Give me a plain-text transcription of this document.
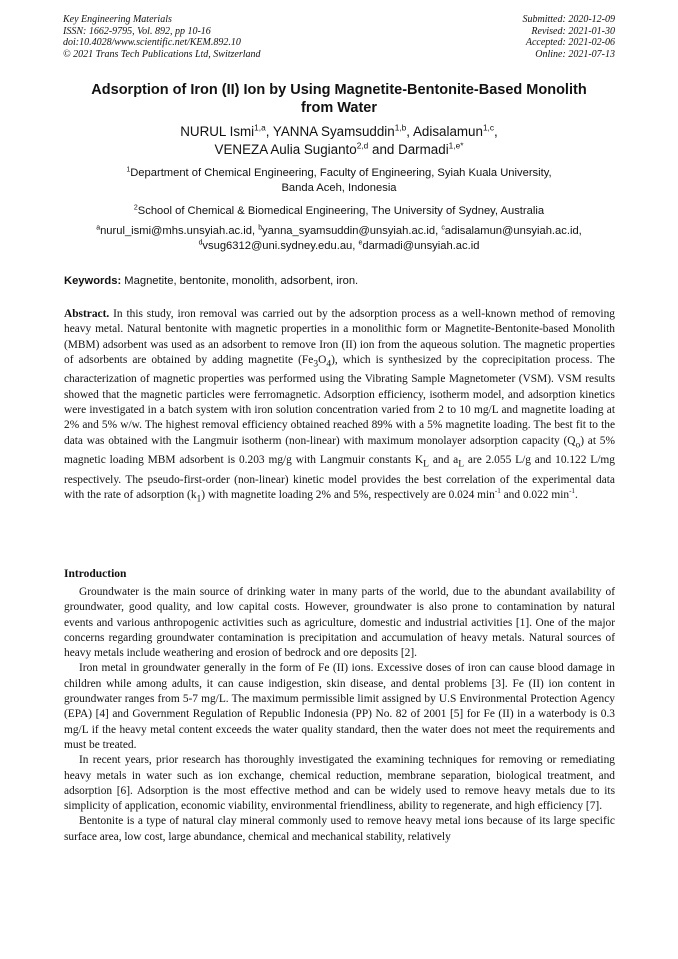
Key Engineering Materials
ISSN: 1662-9795, Vol. 892, pp 10-16
doi:10.4028/www.scientific.net/KEM.892.10
© 2021 Trans Tech Publications Ltd, Switzerland
Submitted: 2020-12-09
Revised: 2021-01-30
Accepted: 2021-02-06
Online: 2021-07-13
Adsorption of Iron (II) Ion by Using Magnetite-Bentonite-Based Monolith
from Water
NURUL Ismi$^{1,a}$, YANNA Syamsuddin$^{1,b}$, Adisalamun$^{1,c}$,
VENEZA Aulia Sugianto$^{2,d}$ and Darmadi$^{1,e*}$
$^1$Department of Chemical Engineering, Faculty of Engineering, Syiah Kuala University,
Banda Aceh, Indonesia
$^2$School of Chemical & Biomedical Engineering, The University of Sydney, Australia
$^a$nurul_ismi@mhs.unsyiah.ac.id, $^b$yanna_syamsuddin@unsyiah.ac.id, $^c$adisalamun@unsyiah.ac.id,
$^d$vsug6312@uni.sydney.edu.au, $^e$darmadi@unsyiah.ac.id
Keywords: Magnetite, bentonite, monolith, adsorbent, iron.

Abstract. In this study, iron removal was carried out by the adsorption process as a well-known method of removing heavy metal. Natural bentonite with magnetic properties in a monolithic form or Magnetite-Bentonite-based Monolith (MBM) adsorbent was used as an adsorbent to remove Iron (II) ion from the aqueous solution. The magnetic properties of adsorbents are obtained by adding magnetite $(Fe_3O_4)$, which is synthesized by the coprecipitation process. The characterization of magnetic properties was performed using the Vibrating Sample Magnetometer (VSM). VSM results showed that the magnetic particles were ferromagnetic. Adsorption efficiency, isotherm model, and adsorption kinetics were investigated in a batch system with iron solution concentration varied from 2 to 10 mg/L and magnetite loading at 2% and 5% w/w. The highest removal efficiency obtained reached 89% with a 5% magnetite loading. The best fit to the data was obtained with the Langmuir isotherm (non-linear) with maximum monolayer adsorption capacity $(Q_o)$ at 5% magnetic loading MBM adsorbent is 0.203 mg/g with Langmuir constants $K_L$ and $a_L$ are 2.055 L/g and 10.122 L/mg respectively. The pseudo-first-order (non-linear) kinetic model provides the best correlation of the experimental data with the rate of adsorption $(k_1)$ with magnetite loading 2% and 5%, respectively are 0.024 $\min^{-1}$ and 0.022 $\min^{-1}$.

Introduction

Groundwater is the main source of drinking water in many parts of the world, due to the abundant availability of groundwater, good quality, and low capital costs. However, groundwater is also prone to contamination by natural events and various anthropogenic activities such as agriculture, domestic and industrial activities [1]. One of the major concerns regarding groundwater contamination is precipitation and accumulation of heavy metals. Natural sources of heavy metals include weathering and erosion of bedrock and ore deposits [2].

Iron metal in groundwater generally in the form of Fe (II) ions. Excessive doses of iron can cause blood damage in children while among adults, it can cause indigestion, skin disease, and dental problems [3]. Fe (II) ion content in groundwater ranges from 5-7 mg/L. The maximum permissible limit assigned by U.S Environmental Protection Agency (EPA) [4] and Government Regulation of Republic Indonesia (PP) No. 82 of 2001 [5] for Fe (II) in a waterbody is 0.3 mg/L if the heavy metal content exceeds the water quality standard, then the water does not meet the requirements and must be treated.

In recent years, prior research has thoroughly investigated the examining techniques for removing or remediating heavy metals in water such as ion exchange, chemical reduction, membrane separation, biological treatment, and adsorption [6]. Adsorption is the most effective method and can be widely used to remove heavy metals due to its simplicity of application, economic viability, environmental friendliness, ability to regenerate, and high efficiency [7].

Bentonite is a type of natural clay mineral commonly used to remove heavy metal ions because of its large specific surface area, low cost, large abundance, chemical and mechanical stability, relatively
